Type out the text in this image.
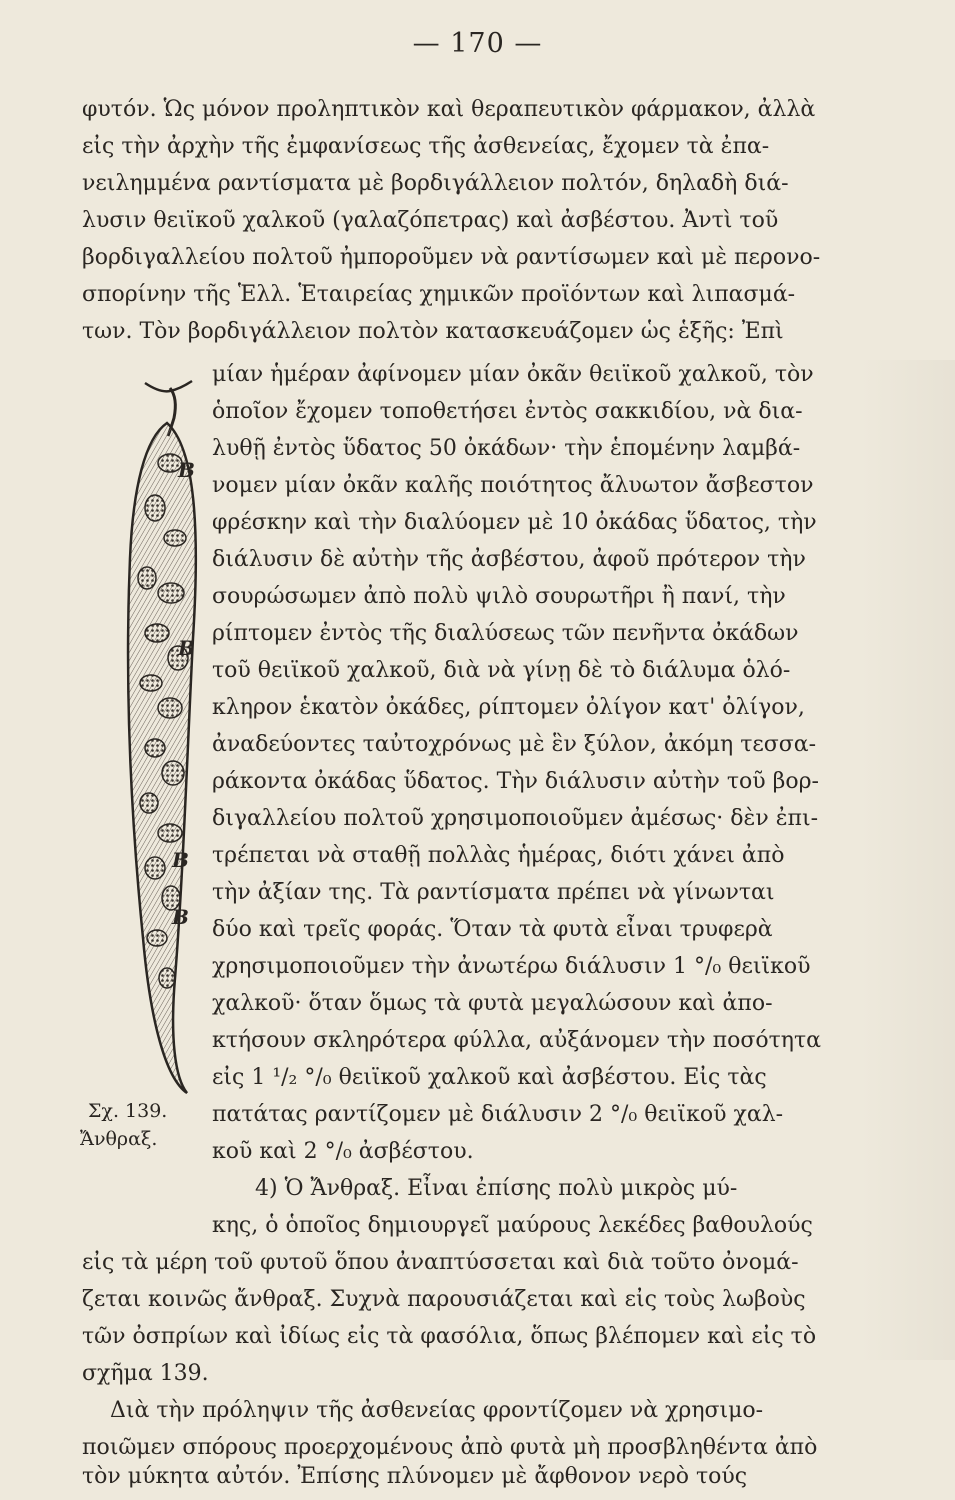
— 170 —
φυτόν. Ὡς μόνον προληπτικὸν καὶ θεραπευτικὸν φάρμακον, ἀλλὰ
εἰς τὴν ἀρχὴν τῆς ἐμφανίσεως τῆς ἀσθενείας, ἔχομεν τὰ ἐπα-
νειλημμένα ραντίσματα μὲ βορδιγάλλειον πολτόν, δηλαδὴ διά-
λυσιν θειϊκοῦ χαλκοῦ (γαλαζόπετρας) καὶ ἀσβέστου. Ἀντὶ τοῦ
βορδιγαλλείου πολτοῦ ἠμποροῦμεν νὰ ραντίσωμεν καὶ μὲ περονο-
σπορίνην τῆς Ἑλλ. Ἑταιρείας χημικῶν προϊόντων καὶ λιπασμά-
των. Τὸν βορδιγάλλειον πολτὸν κατασκευάζομεν ὡς ἑξῆς: Ἐπὶ
μίαν ἡμέραν ἀφίνομεν μίαν ὀκᾶν θειϊκοῦ χαλκοῦ, τὸν
ὁποῖον ἔχομεν τοποθετήσει ἐντὸς σακκιδίου, νὰ δια-
λυθῇ ἐντὸς ὕδατος 50 ὀκάδων· τὴν ἑπομένην λαμβά-
νομεν μίαν ὀκᾶν καλῆς ποιότητος ἄλυωτον ἄσβεστον
φρέσκην καὶ τὴν διαλύομεν μὲ 10 ὀκάδας ὕδατος, τὴν
διάλυσιν δὲ αὐτὴν τῆς ἀσβέστου, ἀφοῦ πρότερον τὴν
σουρώσωμεν ἀπὸ πολὺ ψιλὸ σουρωτῆρι ἢ πανί, τὴν
ρίπτομεν ἐντὸς τῆς διαλύσεως τῶν πενῆντα ὀκάδων
τοῦ θειϊκοῦ χαλκοῦ, διὰ νὰ γίνῃ δὲ τὸ διάλυμα ὁλό-
κληρον ἑκατὸν ὀκάδες, ρίπτομεν ὀλίγον κατ' ὀλίγον,
ἀναδεύοντες ταὐτοχρόνως μὲ ἓν ξύλον, ἀκόμη τεσσα-
ράκοντα ὀκάδας ὕδατος. Τὴν διάλυσιν αὐτὴν τοῦ βορ-
διγαλλείου πολτοῦ χρησιμοποιοῦμεν ἀμέσως· δὲν ἐπι-
τρέπεται νὰ σταθῇ πολλὰς ἡμέρας, διότι χάνει ἀπὸ
τὴν ἀξίαν της. Τὰ ραντίσματα πρέπει νὰ γίνωνται
δύο καὶ τρεῖς φοράς. Ὅταν τὰ φυτὰ εἶναι τρυφερὰ
χρησιμοποιοῦμεν τὴν ἀνωτέρω διάλυσιν 1 °/₀ θειϊκοῦ
χαλκοῦ· ὅταν ὅμως τὰ φυτὰ μεγαλώσουν καὶ ἀπο-
κτήσουν σκληρότερα φύλλα, αὐξάνομεν τὴν ποσότητα
εἰς 1 ¹/₂ °/₀ θειϊκοῦ χαλκοῦ καὶ ἀσβέστου. Εἰς τὰς
πατάτας ραντίζομεν μὲ διάλυσιν 2 °/₀ θειϊκοῦ χαλ-
κοῦ καὶ 2 °/₀ ἀσβέστου.
4) Ὁ Ἄνθραξ. Εἶναι ἐπίσης πολὺ μικρὸς μύ-
κης, ὁ ὁποῖος δημιουργεῖ μαύρους λεκέδες βαθουλούς
εἰς τὰ μέρη τοῦ φυτοῦ ὅπου ἀναπτύσσεται καὶ διὰ τοῦτο ὀνομά-
ζεται κοινῶς ἄνθραξ. Συχνὰ παρουσιάζεται καὶ εἰς τοὺς λωβοὺς
τῶν ὀσπρίων καὶ ἰδίως εἰς τὰ φασόλια, ὅπως βλέπομεν καὶ εἰς τὸ
σχῆμα 139.
Διὰ τὴν πρόληψιν τῆς ἀσθενείας φροντίζομεν νὰ χρησιμο-
ποιῶμεν σπόρους προερχομένους ἀπὸ φυτὰ μὴ προσβληθέντα ἀπὸ
τὸν μύκητα αὐτόν. Ἐπίσης πλύνομεν μὲ ἄφθονον νερὸ τούς
B
B
B
B
Σχ. 139.
Ἄνθραξ.
